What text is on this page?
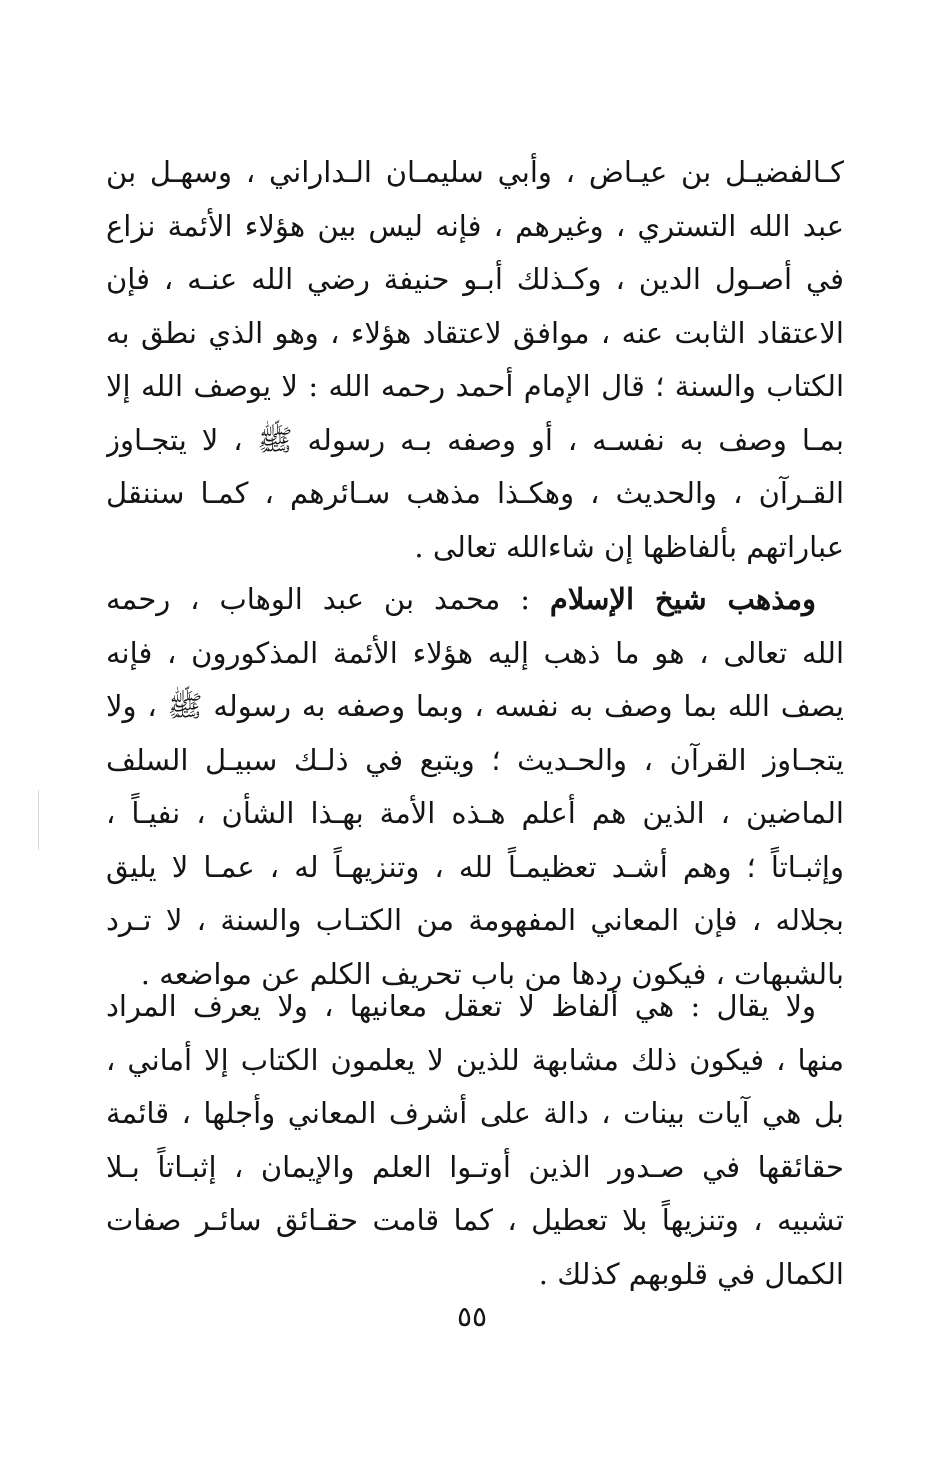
كـالفضيـل بن عيـاض ، وأبي سليمـان الـداراني ، وسهـل بن
عبد الله التستري ، وغيرهم ، فإنه ليس بين هؤلاء الأئمة نزاع
في أصـول الدين ، وكـذلك أبـو حنيفة رضي الله عنـه ، فإن
الاعتقاد الثابت عنه ، موافق لاعتقاد هؤلاء ، وهو الذي نطق به
الكتاب والسنة ؛ قال الإمام أحمد رحمه الله : لا يوصف الله إلا
بمـا وصف به نفسـه ، أو وصفه بـه رسوله ﷺ ، لا يتجـاوز
القـرآن ، والحديث ، وهكـذا مذهب سـائرهم ، كمـا سننقل
عباراتهم بألفاظها إن شاءالله تعالى .
ومذهب شيخ الإسلام : محمد بن عبد الوهاب ، رحمه
الله تعالى ، هو ما ذهب إليه هؤلاء الأئمة المذكورون ، فإنه
يصف الله بما وصف به نفسه ، وبما وصفه به رسوله ﷺ ، ولا
يتجـاوز القرآن ، والحـديث ؛ ويتبع في ذلـك سبيـل السلف
الماضين ، الذين هم أعلم هـذه الأمة بهـذا الشأن ، نفيـاً ،
وإثبـاتاً ؛ وهم أشـد تعظيمـاً لله ، وتنزيهـاً له ، عمـا لا يليق
بجلاله ، فإن المعاني المفهومة من الكتـاب والسنة ، لا تـرد
بالشبهات ، فيكون ردها من باب تحريف الكلم عن مواضعه .
ولا يقال : هي ألفاظ لا تعقل معانيها ، ولا يعرف المراد
منها ، فيكون ذلك مشابهة للذين لا يعلمون الكتاب إلا أماني ،
بل هي آيات بينات ، دالة على أشرف المعاني وأجلها ، قائمة
حقائقها في صـدور الذين أوتـوا العلم والإيمان ، إثبـاتاً بـلا
تشبيه ، وتنزيهاً بلا تعطيل ، كما قامت حقـائق سائـر صفات
الكمال في قلوبهم كذلك .
٥٥
